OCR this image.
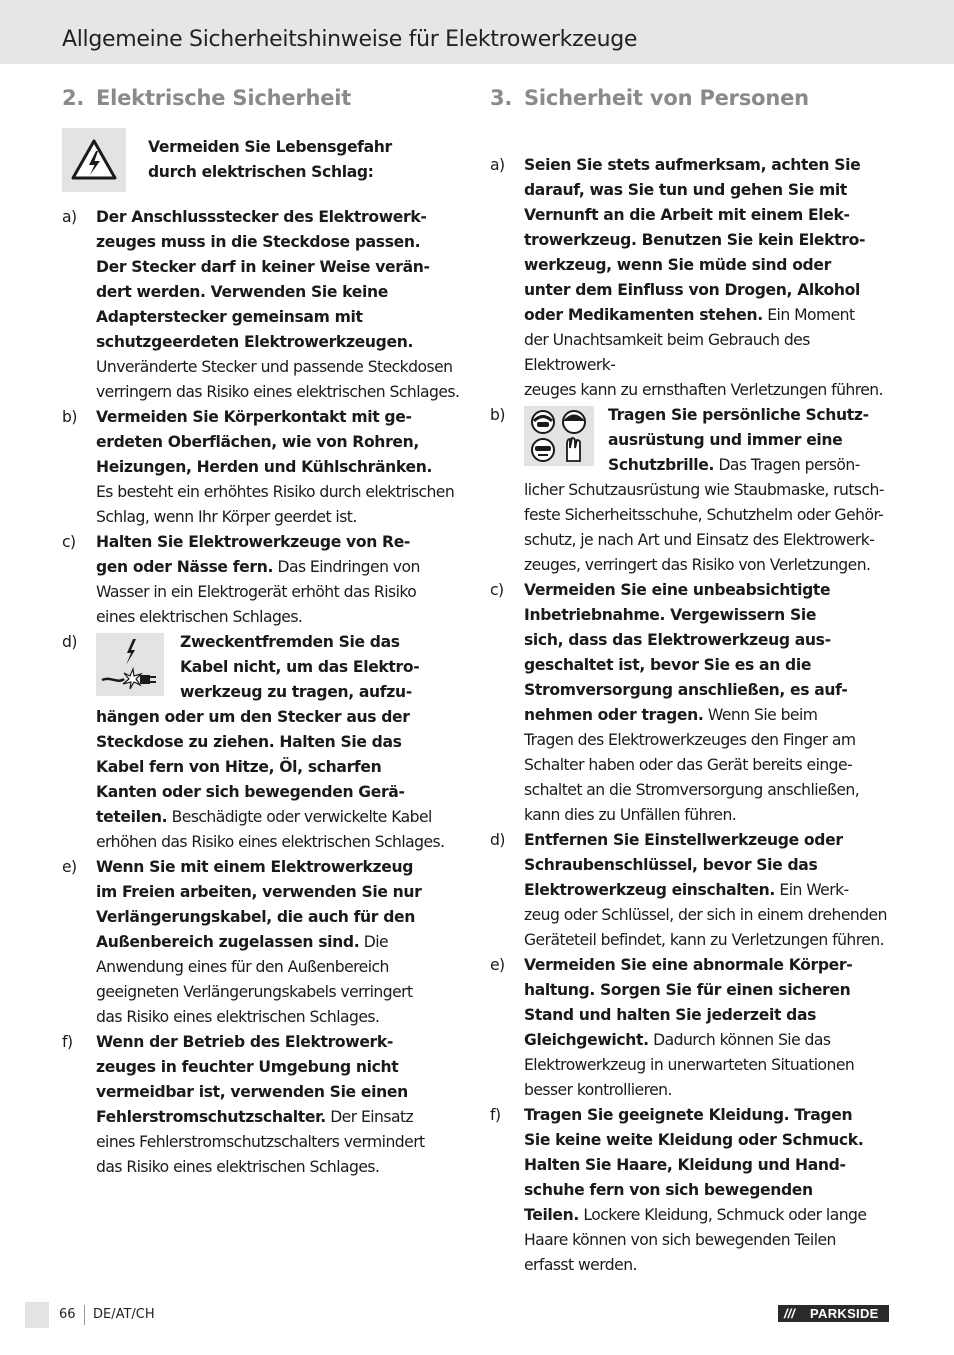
Allgemeine Sicherheitshinweise für Elektrowerkzeuge
2. Elektrische Sicherheit
Vermeiden Sie Lebensgefahr
durch elektrischen Schlag:
a) Der Anschlussstecker des Elektrowerk-
zeuges muss in die Steckdose passen.
Der Stecker darf in keiner Weise verän-
dert werden. Verwenden Sie keine
Adapterstecker gemeinsam mit
schutzgeerdeten Elektrowerkzeugen.
Unveränderte Stecker und passende Steckdosen
verringern das Risiko eines elektrischen Schlages.
b) Vermeiden Sie Körperkontakt mit ge-
erdeten Oberflächen, wie von Rohren,
Heizungen, Herden und Kühlschränken.
Es besteht ein erhöhtes Risiko durch elektrischen
Schlag, wenn Ihr Körper geerdet ist.
c) Halten Sie Elektrowerkzeuge von Re-
gen oder Nässe fern. Das Eindringen von
Wasser in ein Elektrogerät erhöht das Risiko
eines elektrischen Schlages.
d)	Zweckentfremden Sie das
Kabel nicht, um das Elektro-
werkzeug zu tragen, aufzu-
hängen oder um den Stecker aus der
Steckdose zu ziehen. Halten Sie das
Kabel fern von Hitze, Öl, scharfen
Kanten oder sich bewegenden Gerä-
teteilen. Beschädigte oder verwickelte Kabel
erhöhen das Risiko eines elektrischen Schlages.
e) Wenn Sie mit einem Elektrowerkzeug
im Freien arbeiten, verwenden Sie nur
Verlängerungskabel, die auch für den
Außenbereich zugelassen sind. Die
Anwendung eines für den Außenbereich
geeigneten Verlängerungskabels verringert
das Risiko eines elektrischen Schlages.
f) Wenn der Betrieb des Elektrowerk-
zeuges in feuchter Umgebung nicht
vermeidbar ist, verwenden Sie einen
Fehlerstromschutzschalter. Der Einsatz
eines Fehlerstromschutzschalters vermindert
das Risiko eines elektrischen Schlages.
3. Sicherheit von Personen
a) Seien Sie stets aufmerksam, achten Sie
darauf, was Sie tun und gehen Sie mit
Vernunft an die Arbeit mit einem Elek-
trowerkzeug. Benutzen Sie kein Elektro-
werkzeug, wenn Sie müde sind oder
unter dem Einfluss von Drogen, Alkohol
oder Medikamenten stehen. Ein Moment
der Unachtsamkeit beim Gebrauch des Elektrowerk-
zeuges kann zu ernsthaften Verletzungen führen.
b)	Tragen Sie persönliche Schutz-
ausrüstung und immer eine
Schutzbrille. Das Tragen persön-
licher Schutzausrüstung wie Staubmaske, rutsch-
feste Sicherheitsschuhe, Schutzhelm oder Gehör-
schutz, je nach Art und Einsatz des Elektrowerk-
zeuges, verringert das Risiko von Verletzungen.
c) Vermeiden Sie eine unbeabsichtigte
Inbetriebnahme. Vergewissern Sie
sich, dass das Elektrowerkzeug aus-
geschaltet ist, bevor Sie es an die
Stromversorgung anschließen, es auf-
nehmen oder tragen. Wenn Sie beim
Tragen des Elektrowerkzeuges den Finger am
Schalter haben oder das Gerät bereits einge-
schaltet an die Stromversorgung anschließen,
kann dies zu Unfällen führen.
d) Entfernen Sie Einstellwerkzeuge oder
Schraubenschlüssel, bevor Sie das
Elektrowerkzeug einschalten. Ein Werk-
zeug oder Schlüssel, der sich in einem drehenden
Geräteteil befindet, kann zu Verletzungen führen.
e) Vermeiden Sie eine abnormale Körper-
haltung. Sorgen Sie für einen sicheren
Stand und halten Sie jederzeit das
Gleichgewicht. Dadurch können Sie das
Elektrowerkzeug in unerwarteten Situationen
besser kontrollieren.
f) Tragen Sie geeignete Kleidung. Tragen
Sie keine weite Kleidung oder Schmuck.
Halten Sie Haare, Kleidung und Hand-
schuhe fern von sich bewegenden
Teilen. Lockere Kleidung, Schmuck oder lange
Haare können von sich bewegenden Teilen
erfasst werden.
66 DE/AT/CH	/// PARKSIDE
